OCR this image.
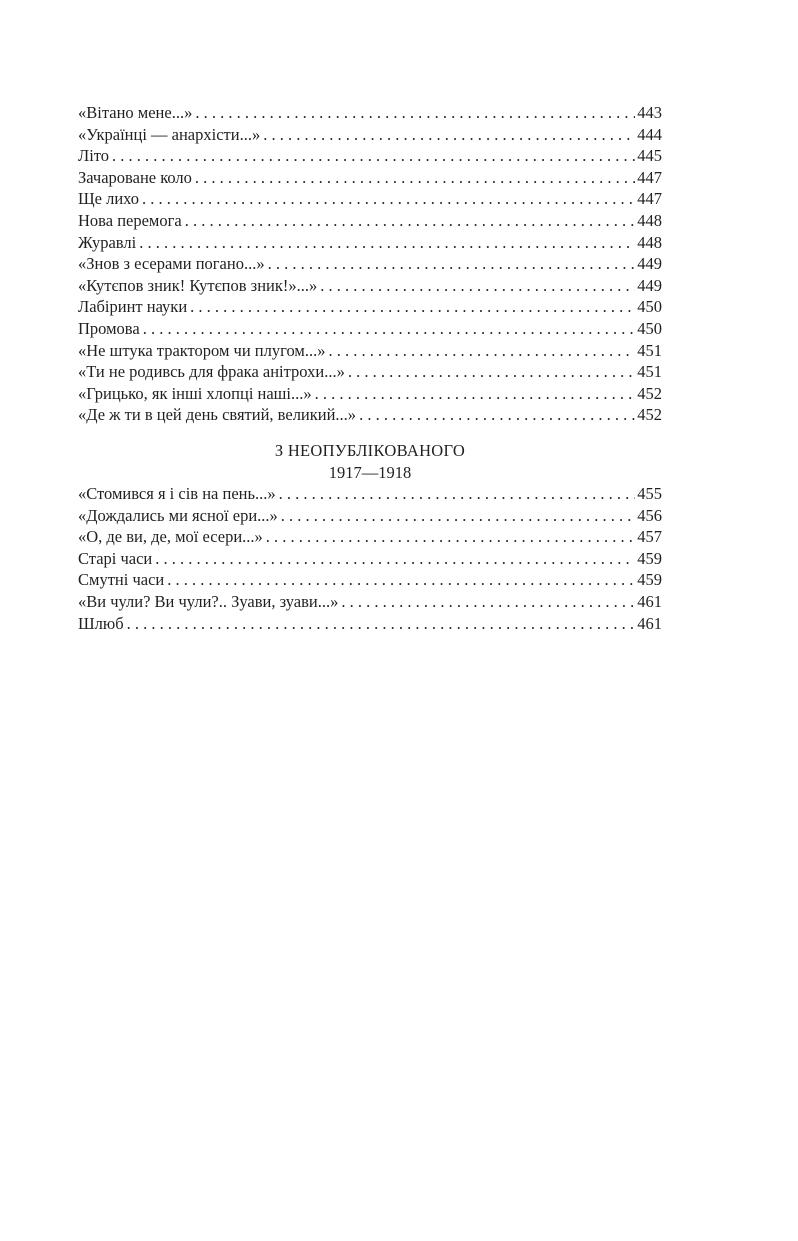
«Вітано мене...» . . .	443
«Українці — анархісти...» . . .	444
Літо . . .	445
Зачароване коло . . .	447
Ще лихо . . .	447
Нова перемога . . .	448
Журавлі . . .	448
«Знов з есерами погано...» . . .	449
«Кутєпов зник! Кутєпов зник!»...» . . .	449
Лабіринт науки . . .	450
Промова . . .	450
«Не штука трактором чи плугом...» . . .	451
«Ти не родивсь для фрака анітрохи...» . . .	451
«Грицько, як інші хлопці наші...» . . .	452
«Де ж ти в цей день святий, великий...» . . .	452
З НЕОПУБЛІКОВАНОГО
1917—1918
«Стомився я і сів на пень...» . . .	455
«Дождались ми ясної ери...» . . .	456
«О, де ви, де, мої есери...» . . .	457
Старі часи . . .	459
Смутні часи . . .	459
«Ви чули? Ви чули?.. Зуави, зуави...» . . .	461
Шлюб . . .	461
